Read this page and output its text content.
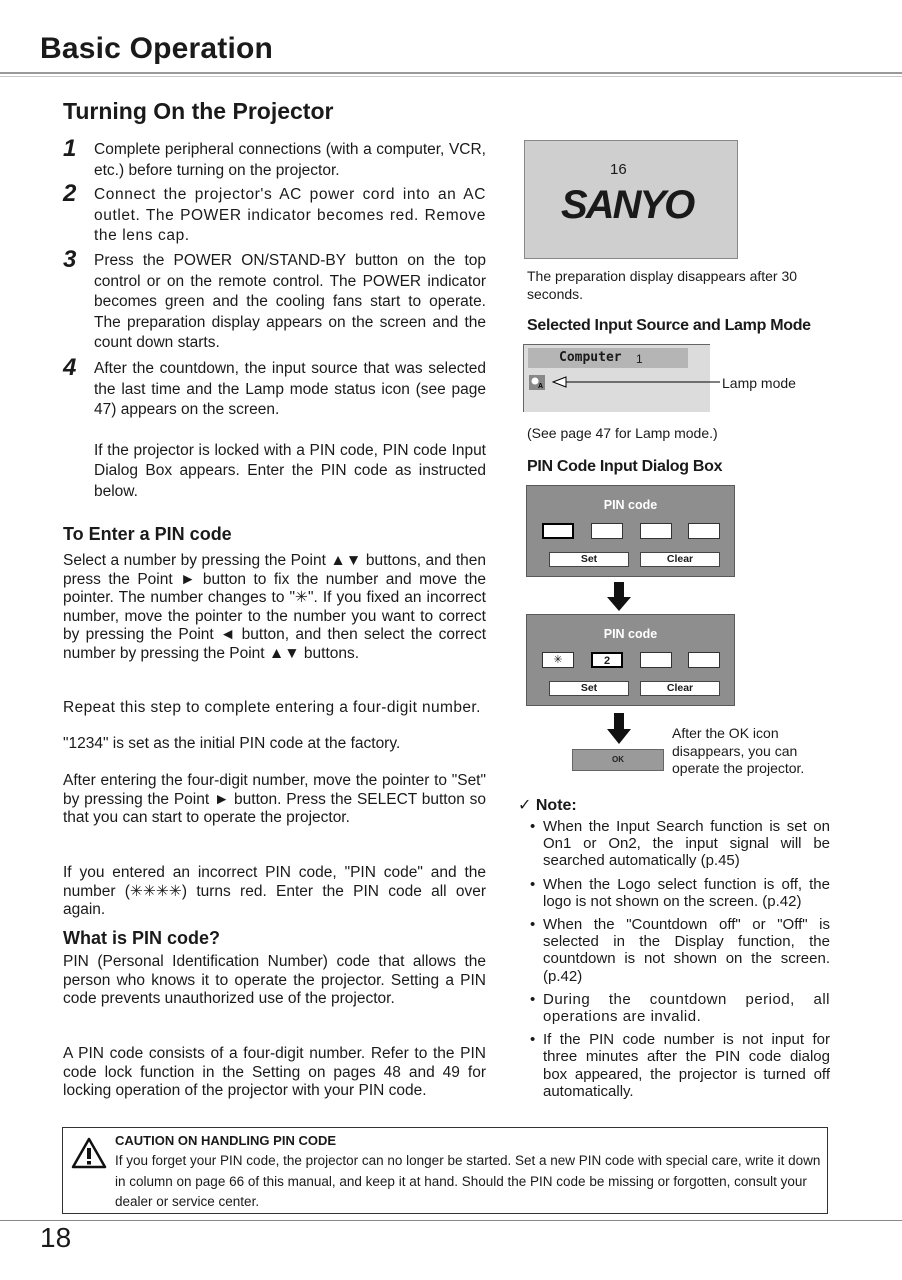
Basic Operation
Turning On the Projector
1 Complete peripheral connections (with a computer, VCR, etc.) before turning on the projector.
2 Connect the projector's AC power cord into an AC outlet. The POWER indicator becomes red. Remove the lens cap.
3 Press the POWER ON/STAND-BY button on the top control or on the remote control. The POWER indicator becomes green and the cooling fans start to operate. The preparation display appears on the screen and the count down starts.
4 After the countdown, the input source that was selected the last time and the Lamp mode status icon (see page 47) appears on the screen.
If the projector is locked with a PIN code, PIN code Input Dialog Box appears. Enter the PIN code as instructed below.
To Enter a PIN code
Select a number by pressing the Point ▲▼ buttons, and then press the Point ► button to fix the number and move the pointer. The number changes to "✳". If you fixed an incorrect number, move the pointer to the number you want to correct by pressing the Point ◄ button, and then select the correct number by pressing the Point ▲▼ buttons.
Repeat this step to complete entering a four-digit number.
"1234" is set as the initial PIN code at the factory.
After entering the four-digit number, move the pointer to "Set" by pressing the Point ► button. Press the SELECT button so that you can start to operate the projector.
If you entered an incorrect PIN code, "PIN code" and the number (✳✳✳✳) turns red. Enter the PIN code all over again.
What is PIN code?
PIN (Personal Identification Number) code that allows the person who knows it to operate the projector. Setting a PIN code prevents unauthorized use of the projector.
A PIN code consists of a four-digit number. Refer to the PIN code lock function in the Setting on pages 48 and 49 for locking operation of the projector with your PIN code.
16
SANYO
The preparation display disappears after 30 seconds.
Selected Input Source and Lamp Mode
Computer 1
A	Lamp mode
(See page 47 for Lamp mode.)
PIN Code Input Dialog Box
PIN code
Set	Clear
PIN code
✳	2
Set	Clear
OK
After the OK icon disappears, you can operate the projector.
✓ Note:
• When the Input Search function is set on On1 or On2, the input signal will be searched automatically (p.45)
• When the Logo select function is off, the logo is not shown on the screen. (p.42)
• When the "Countdown off" or "Off" is selected in the Display function, the countdown is not shown on the screen. (p.42)
• During the countdown period, all operations are invalid.
• If the PIN code number is not input for three minutes after the PIN code dialog box appeared, the projector is turned off automatically.
CAUTION ON HANDLING PIN CODE
If you forget your PIN code, the projector can no longer be started. Set a new PIN code with special care, write it down in column on page 66 of this manual, and keep it at hand. Should the PIN code be missing or forgotten, consult your dealer or service center.
18
